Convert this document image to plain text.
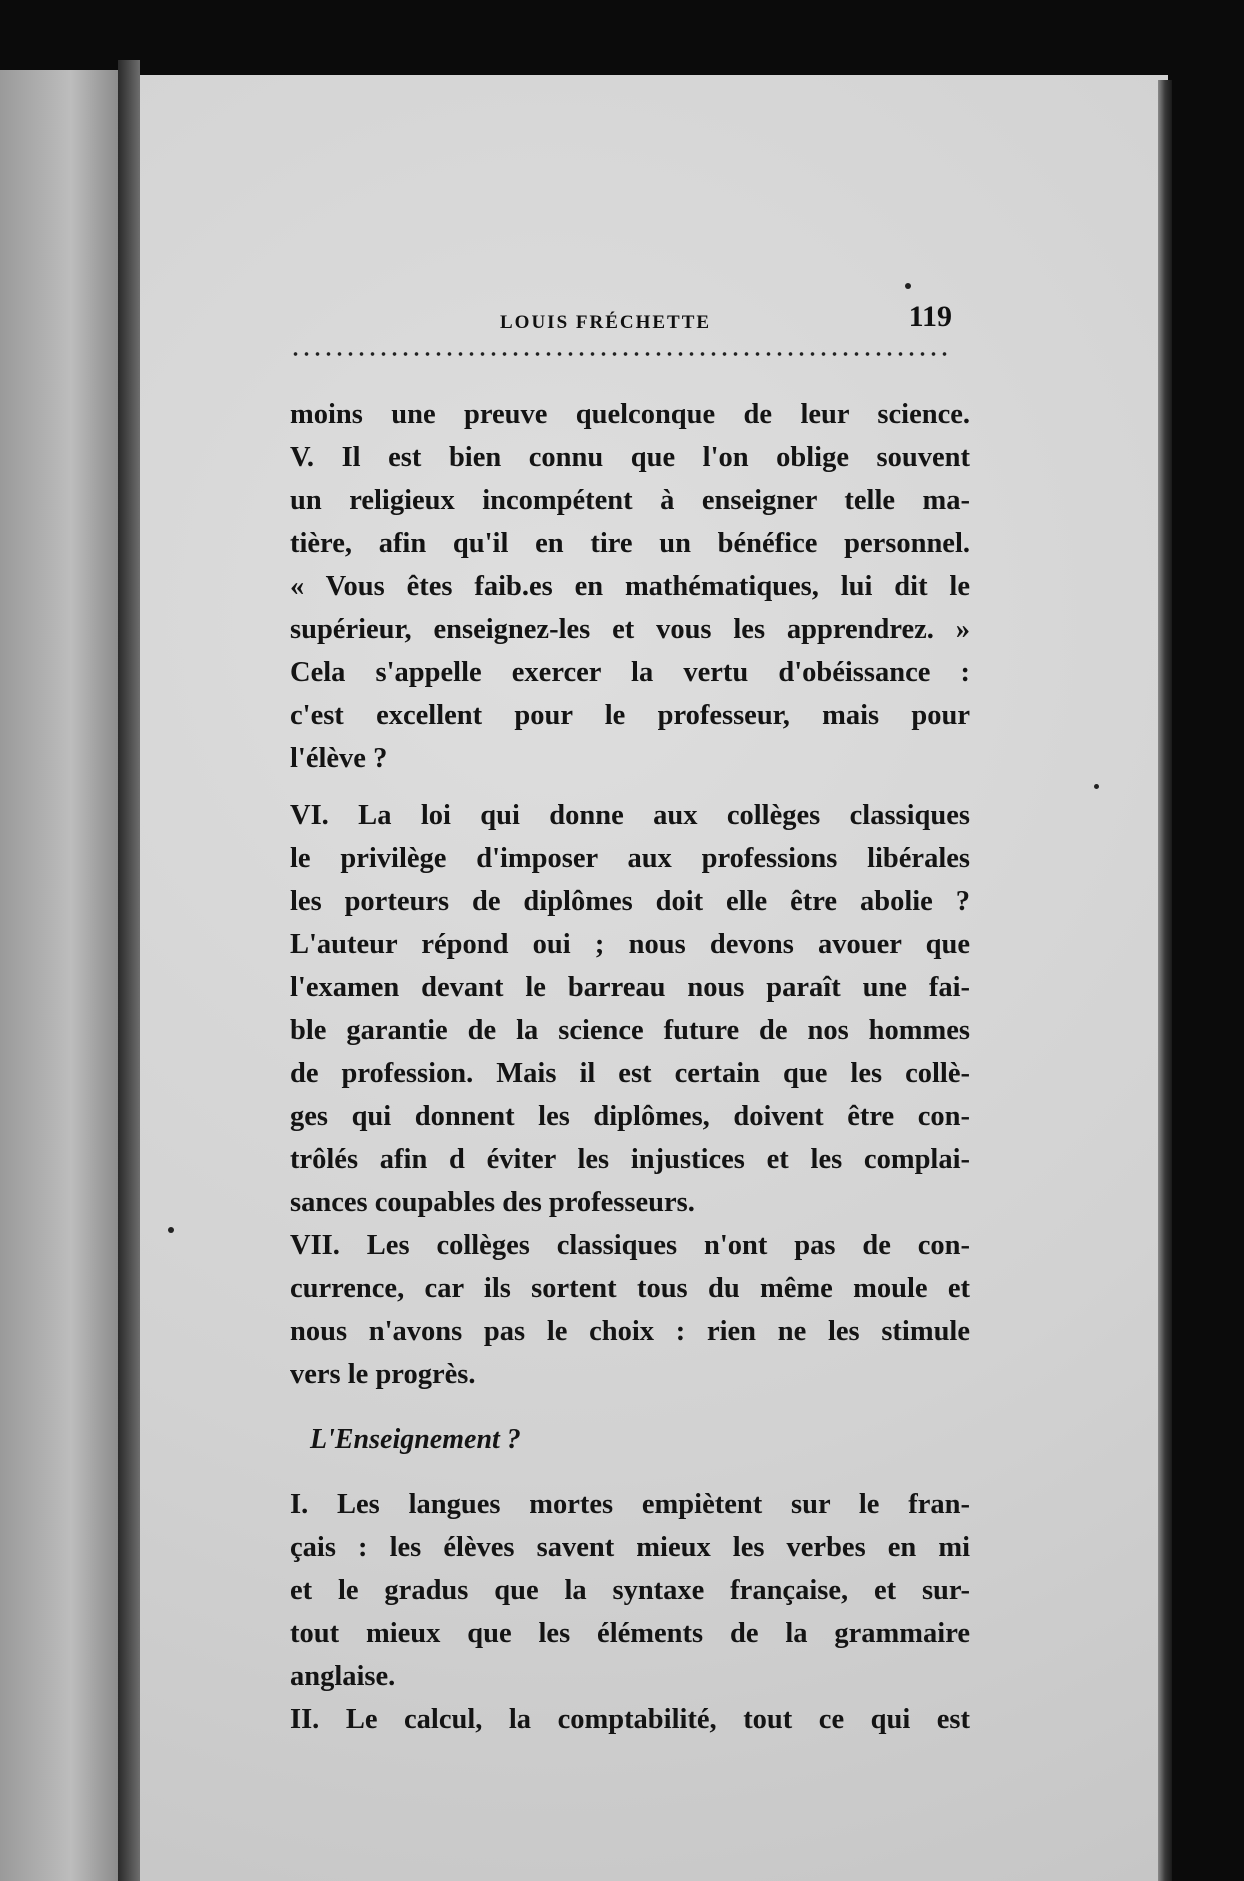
LOUIS FRÉCHETTE	119

moins une preuve quelconque de leur science.

V. Il est bien connu que l'on oblige souvent

un religieux incompétent à enseigner telle ma-

tière, afin qu'il en tire un bénéfice personnel.

« Vous êtes faib.es en mathématiques, lui dit le

supérieur, enseignez-les et vous les apprendrez. »

Cela s'appelle exercer la vertu d'obéissance :

c'est excellent pour le professeur, mais pour

l'élève ?

VI. La loi qui donne aux collèges classiques

le privilège d'imposer aux professions libérales

les porteurs de diplômes doit elle être abolie ?

L'auteur répond oui ; nous devons avouer que

l'examen devant le barreau nous paraît une fai-

ble garantie de la science future de nos hommes

de profession. Mais il est certain que les collè-

ges qui donnent les diplômes, doivent être con-

trôlés afin d éviter les injustices et les complai-

sances coupables des professeurs.

VII. Les collèges classiques n'ont pas de con-

currence, car ils sortent tous du même moule et

nous n'avons pas le choix : rien ne les stimule

vers le progrès.

L'Enseignement ?

I. Les langues mortes empiètent sur le fran-

çais : les élèves savent mieux les verbes en mi

et le gradus que la syntaxe française, et sur-

tout mieux que les éléments de la grammaire

anglaise.

II. Le calcul, la comptabilité, tout ce qui est
